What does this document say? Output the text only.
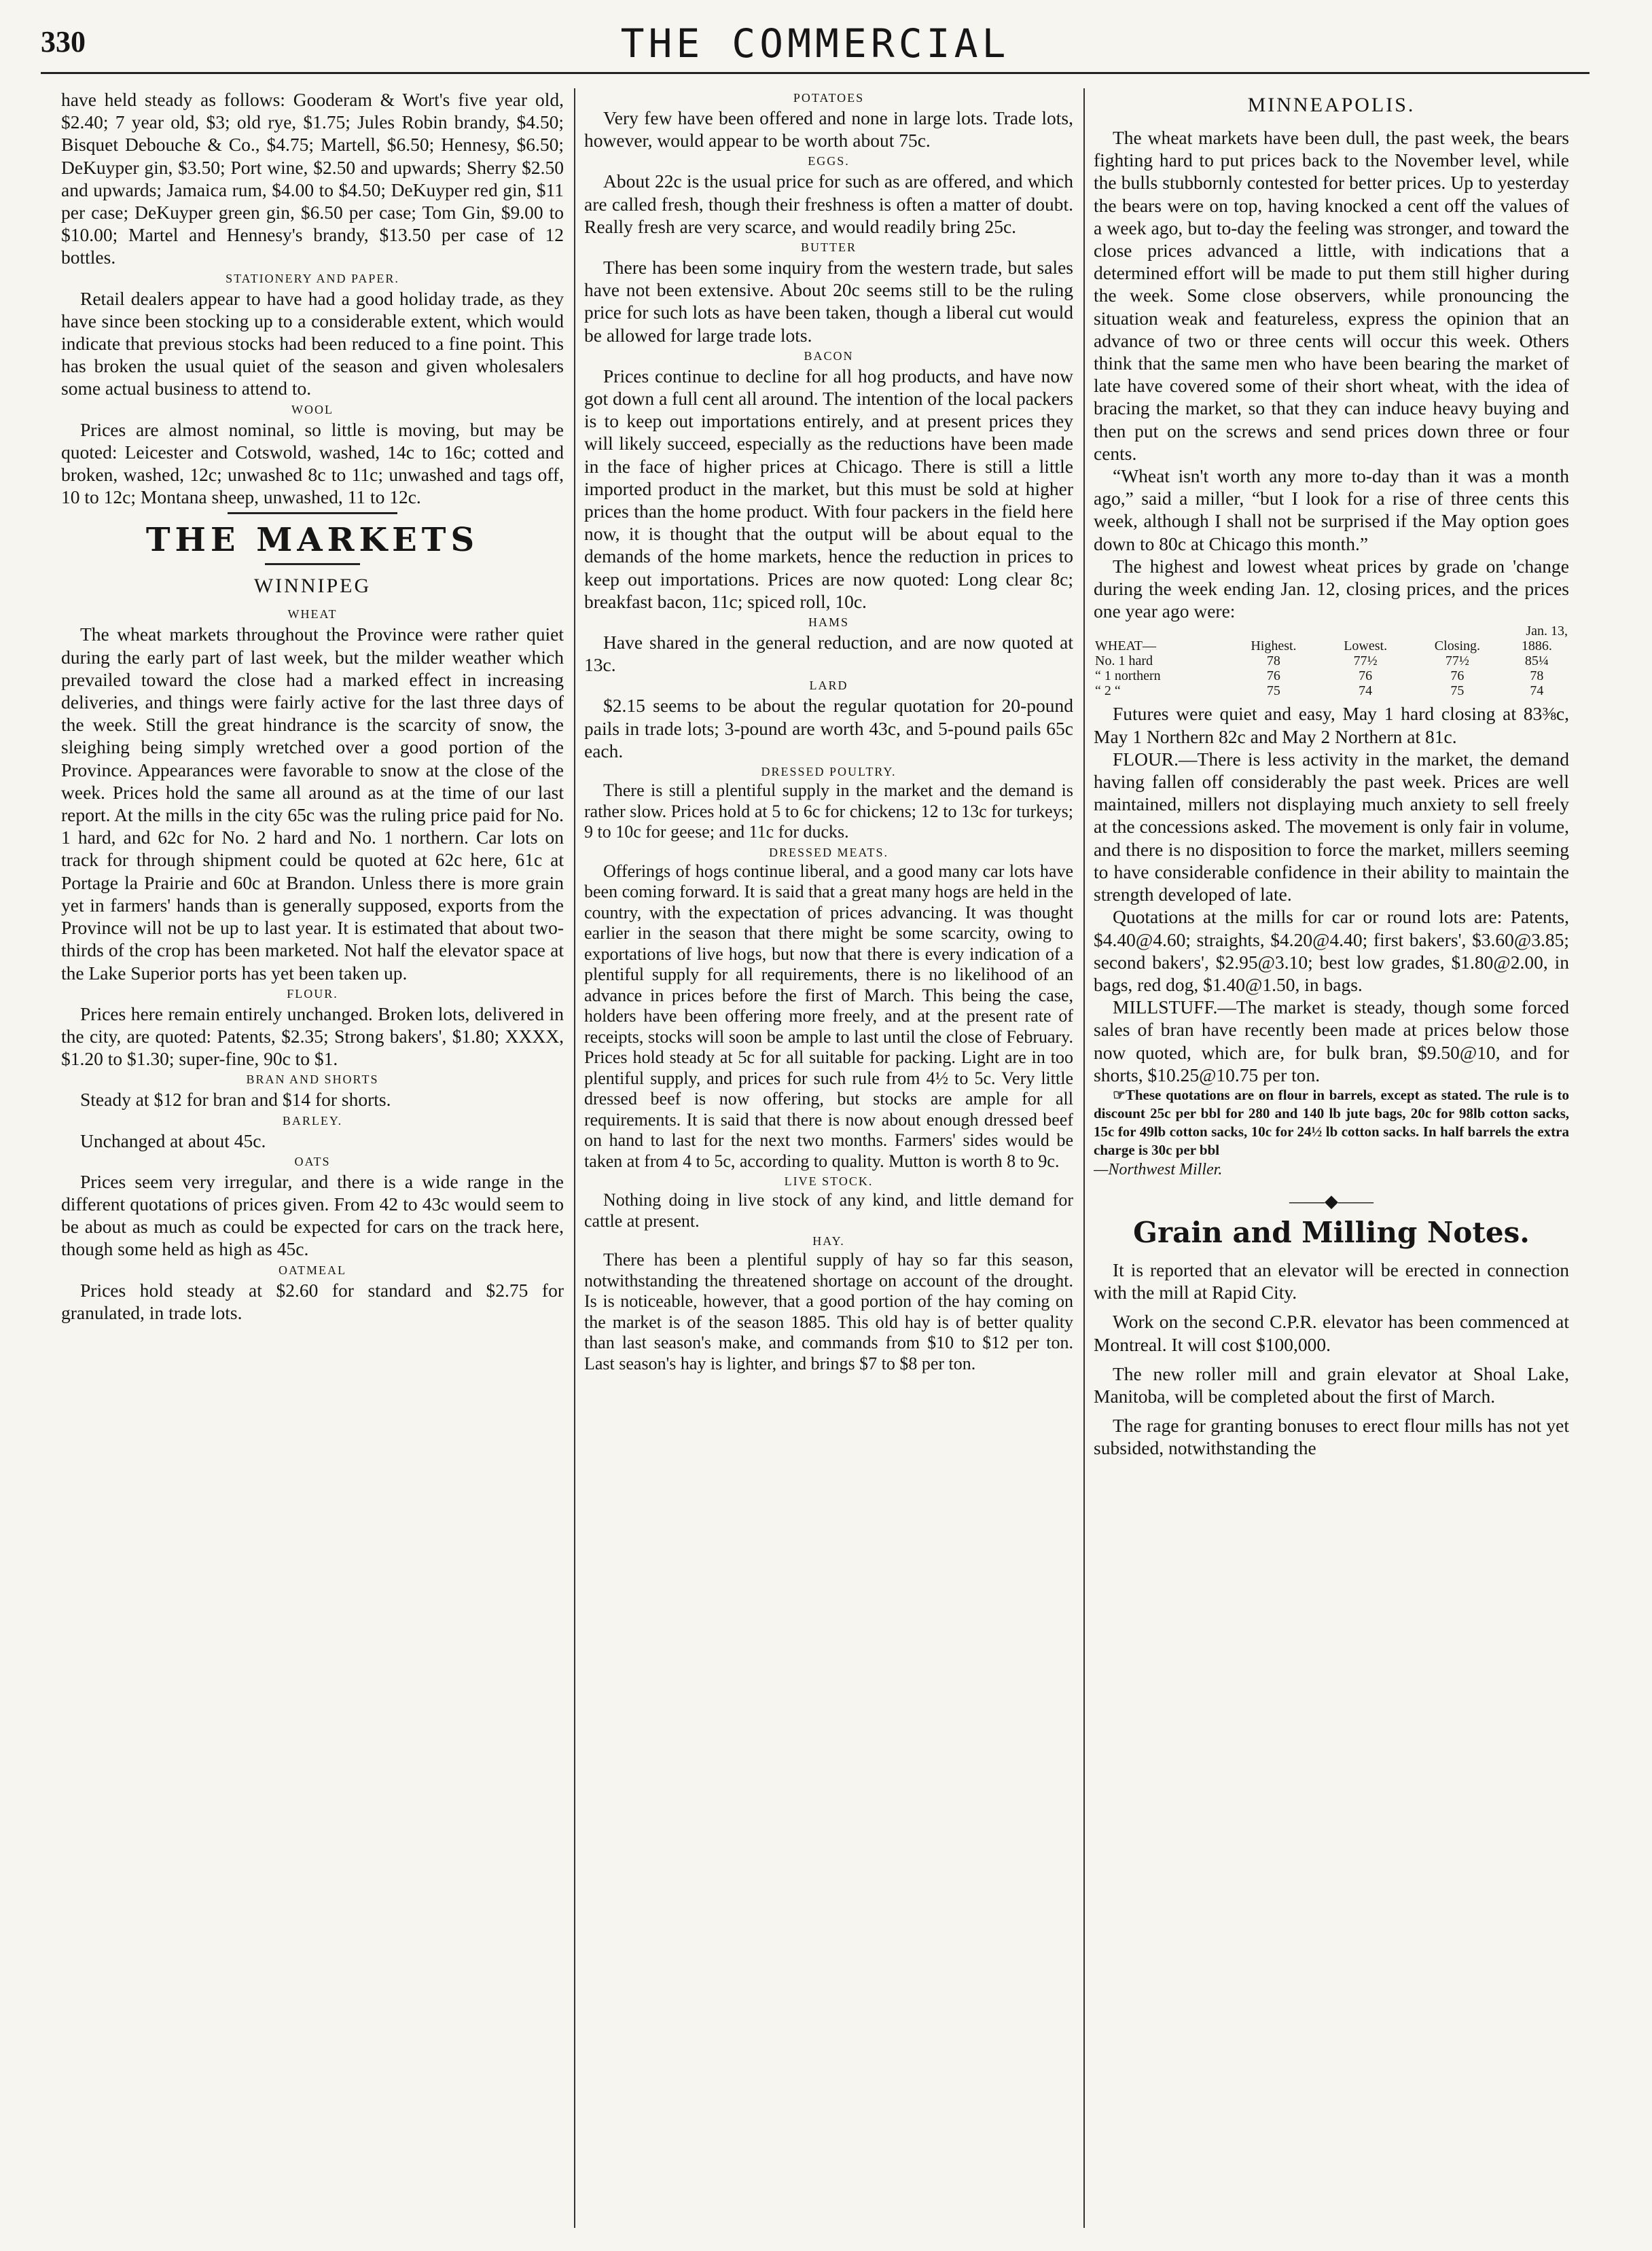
330	THE COMMERCIAL

have held steady as follows: Gooderam & Wort's five year old, $2.40; 7 year old, $3; old rye, $1.75; Jules Robin brandy, $4.50; Bisquet Debouche & Co., $4.75; Martell, $6.50; Hennesy, $6.50; DeKuyper gin, $3.50; Port wine, $2.50 and upwards; Sherry $2.50 and upwards; Jamaica rum, $4.00 to $4.50; DeKuyper red gin, $11 per case; DeKuyper green gin, $6.50 per case; Tom Gin, $9.00 to $10.00; Martel and Hennesy's brandy, $13.50 per case of 12 bottles.

STATIONERY AND PAPER.

Retail dealers appear to have had a good holiday trade, as they have since been stocking up to a considerable extent, which would indicate that previous stocks had been reduced to a fine point. This has broken the usual quiet of the season and given wholesalers some actual business to attend to.

WOOL

Prices are almost nominal, so little is moving, but may be quoted: Leicester and Cotswold, washed, 14c to 16c; cotted and broken, washed, 12c; unwashed 8c to 11c; unwashed and tags off, 10 to 12c; Montana sheep, unwashed, 11 to 12c.

THE MARKETS
WINNIPEG
WHEAT

The wheat markets throughout the Province were rather quiet during the early part of last week, but the milder weather which prevailed toward the close had a marked effect in increasing deliveries, and things were fairly active for the last three days of the week. Still the great hindrance is the scarcity of snow, the sleighing being simply wretched over a good portion of the Province. Appearances were favorable to snow at the close of the week. Prices hold the same all around as at the time of our last report. At the mills in the city 65c was the ruling price paid for No. 1 hard, and 62c for No. 2 hard and No. 1 northern. Car lots on track for through shipment could be quoted at 62c here, 61c at Portage la Prairie and 60c at Brandon. Unless there is more grain yet in farmers' hands than is generally supposed, exports from the Province will not be up to last year. It is estimated that about two-thirds of the crop has been marketed. Not half the elevator space at the Lake Superior ports has yet been taken up.

FLOUR.

Prices here remain entirely unchanged. Broken lots, delivered in the city, are quoted: Patents, $2.35; Strong bakers', $1.80; XXXX, $1.20 to $1.30; super-fine, 90c to $1.

BRAN AND SHORTS

Steady at $12 for bran and $14 for shorts.

BARLEY.

Unchanged at about 45c.

OATS

Prices seem very irregular, and there is a wide range in the different quotations of prices given. From 42 to 43c would seem to be about as much as could be expected for cars on the track here, though some held as high as 45c.

OATMEAL

Prices hold steady at $2.60 for standard and $2.75 for granulated, in trade lots.

POTATOES

Very few have been offered and none in large lots. Trade lots, however, would appear to be worth about 75c.

EGGS.

About 22c is the usual price for such as are offered, and which are called fresh, though their freshness is often a matter of doubt. Really fresh are very scarce, and would readily bring 25c.

BUTTER

There has been some inquiry from the western trade, but sales have not been extensive. About 20c seems still to be the ruling price for such lots as have been taken, though a liberal cut would be allowed for large trade lots.

BACON

Prices continue to decline for all hog products, and have now got down a full cent all around. The intention of the local packers is to keep out importations entirely, and at present prices they will likely succeed, especially as the reductions have been made in the face of higher prices at Chicago. There is still a little imported product in the market, but this must be sold at higher prices than the home product. With four packers in the field here now, it is thought that the output will be about equal to the demands of the home markets, hence the reduction in prices to keep out importations. Prices are now quoted: Long clear 8c; breakfast bacon, 11c; spiced roll, 10c.

HAMS

Have shared in the general reduction, and are now quoted at 13c.

LARD

$2.15 seems to be about the regular quotation for 20-pound pails in trade lots; 3-pound are worth 43c, and 5-pound pails 65c each.

DRESSED POULTRY.

There is still a plentiful supply in the market and the demand is rather slow. Prices hold at 5 to 6c for chickens; 12 to 13c for turkeys; 9 to 10c for geese; and 11c for ducks.

DRESSED MEATS.

Offerings of hogs continue liberal, and a good many car lots have been coming forward. It is said that a great many hogs are held in the country, with the expectation of prices advancing. It was thought earlier in the season that there might be some scarcity, owing to exportations of live hogs, but now that there is every indication of a plentiful supply for all requirements, there is no likelihood of an advance in prices before the first of March. This being the case, holders have been offering more freely, and at the present rate of receipts, stocks will soon be ample to last until the close of February. Prices hold steady at 5c for all suitable for packing. Light are in too plentiful supply, and prices for such rule from 4½ to 5c. Very little dressed beef is now offering, but stocks are ample for all requirements. It is said that there is now about enough dressed beef on hand to last for the next two months. Farmers' sides would be taken at from 4 to 5c, according to quality. Mutton is worth 8 to 9c.

LIVE STOCK.

Nothing doing in live stock of any kind, and little demand for cattle at present.

HAY.

There has been a plentiful supply of hay so far this season, notwithstanding the threatened shortage on account of the drought. Is is noticeable, however, that a good portion of the hay coming on the market is of the season 1885. This old hay is of better quality than last season's make, and commands from $10 to $12 per ton. Last season's hay is lighter, and brings $7 to $8 per ton.

MINNEAPOLIS.

The wheat markets have been dull, the past week, the bears fighting hard to put prices back to the November level, while the bulls stubbornly contested for better prices. Up to yesterday the bears were on top, having knocked a cent off the values of a week ago, but to-day the feeling was stronger, and toward the close prices advanced a little, with indications that a determined effort will be made to put them still higher during the week. Some close observers, while pronouncing the situation weak and featureless, express the opinion that an advance of two or three cents will occur this week. Others think that the same men who have been bearing the market of late have covered some of their short wheat, with the idea of bracing the market, so that they can induce heavy buying and then put on the screws and send prices down three or four cents.

“Wheat isn't worth any more to-day than it was a month ago,” said a miller, “but I look for a rise of three cents this week, although I shall not be surprised if the May option goes down to 80c at Chicago this month.”

The highest and lowest wheat prices by grade on 'change during the week ending Jan. 12, closing prices, and the prices one year ago were:

Jan. 13,				
WHEAT—	Highest.	Lowest.	Closing.	1886.
No. 1 hard	78	77½	77½	85¼
“ 1 northern	76	76	76	78
“ 2 “	75	74	75	74

Futures were quiet and easy, May 1 hard closing at 83⅜c, May 1 Northern 82c and May 2 Northern at 81c.

FLOUR.—There is less activity in the market, the demand having fallen off considerably the past week. Prices are well maintained, millers not displaying much anxiety to sell freely at the concessions asked. The movement is only fair in volume, and there is no disposition to force the market, millers seeming to have considerable confidence in their ability to maintain the strength developed of late.

Quotations at the mills for car or round lots are: Patents, $4.40@4.60; straights, $4.20@4.40; first bakers', $3.60@3.85; second bakers', $2.95@3.10; best low grades, $1.80@2.00, in bags, red dog, $1.40@1.50, in bags.

MILLSTUFF.—The market is steady, though some forced sales of bran have recently been made at prices below those now quoted, which are, for bulk bran, $9.50@10, and for shorts, $10.25@10.75 per ton.

☞These quotations are on flour in barrels, except as stated. The rule is to discount 25c per bbl for 280 and 140 lb jute bags, 20c for 98lb cotton sacks, 15c for 49lb cotton sacks, 10c for 24½ lb cotton sacks. In half barrels the extra charge is 30c per bbl

—Northwest Miller.
——◆——
Grain and Milling Notes.

It is reported that an elevator will be erected in connection with the mill at Rapid City.

Work on the second C.P.R. elevator has been commenced at Montreal. It will cost $100,000.

The new roller mill and grain elevator at Shoal Lake, Manitoba, will be completed about the first of March.

The rage for granting bonuses to erect flour mills has not yet subsided, notwithstanding the
